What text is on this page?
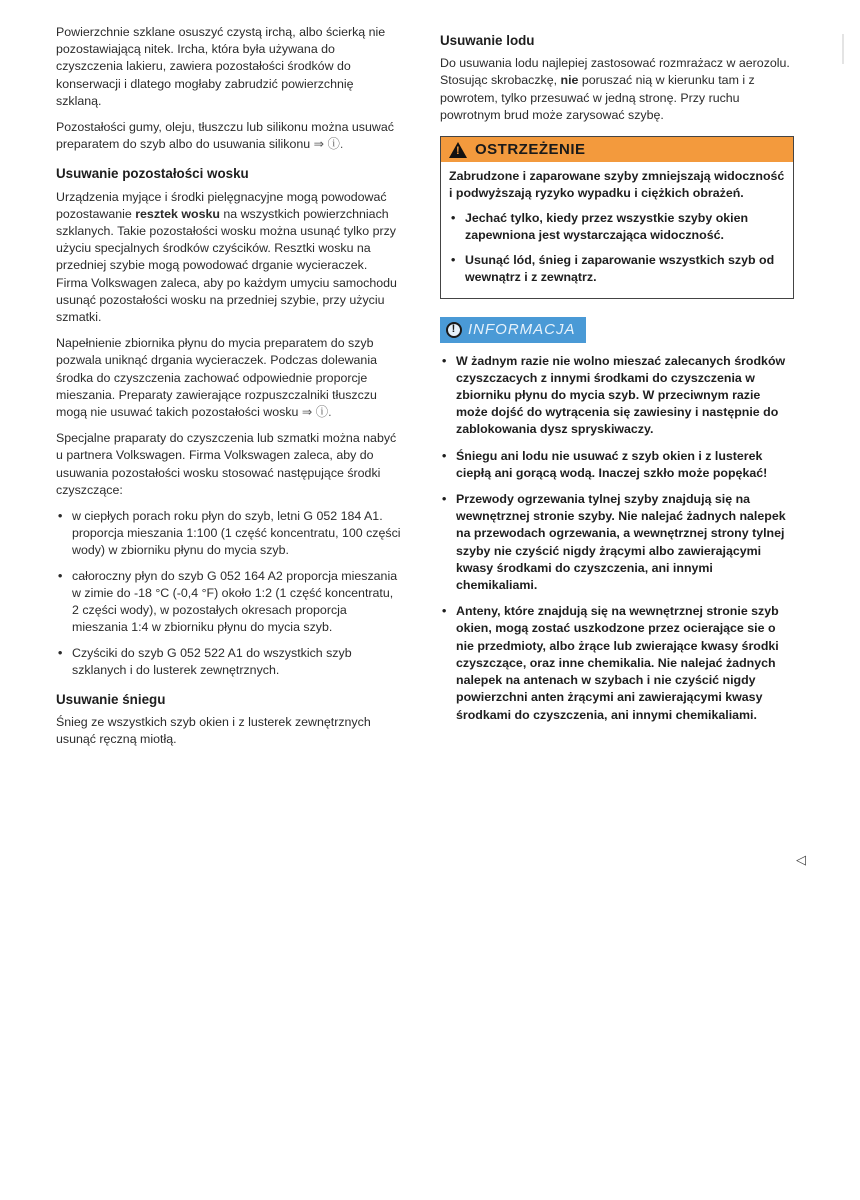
Powierzchnie szklane osuszyć czystą irchą, albo ścierką nie pozostawiającą nitek. Ircha, która była używana do czyszczenia lakieru, zawiera pozostałości środków do konserwacji i dlatego mogłaby zabrudzić powierzchnię szklaną.

Pozostałości gumy, oleju, tłuszczu lub silikonu można usuwać preparatem do szyb albo do usuwania silikonu ⇒ ⓘ.

Usuwanie pozostałości wosku

Urządzenia myjące i środki pielęgnacyjne mogą powodować pozostawanie resztek wosku na wszystkich powierzchniach szklanych. Takie pozostałości wosku można usunąć tylko przy użyciu specjalnych środków czyścików. Resztki wosku na przedniej szybie mogą powodować drganie wycieraczek. Firma Volkswagen zaleca, aby po każdym umyciu samochodu usunąć pozostałości wosku na przedniej szybie, przy użyciu szmatki.

Napełnienie zbiornika płynu do mycia preparatem do szyb pozwala uniknąć drgania wycieraczek. Podczas dolewania środka do czyszczenia zachować odpowiednie proporcje mieszania. Preparaty zawierające rozpuszczalniki tłuszczu mogą nie usuwać takich pozostałości wosku ⇒ ⓘ.

Specjalne praparaty do czyszczenia lub szmatki można nabyć u partnera Volkswagen. Firma Volkswagen zaleca, aby do usuwania pozostałości wosku stosować następujące środki czyszczące:

• w ciepłych porach roku płyn do szyb, letni G 052 184 A1. proporcja mieszania 1:100 (1 część koncentratu, 100 części wody) w zbiorniku płynu do mycia szyb.
• całoroczny płyn do szyb G 052 164 A2 proporcja mieszania w zimie do -18 °C (-0,4 °F) około 1:2 (1 część koncentratu, 2 części wody), w pozostałych okresach proporcja mieszania 1:4 w zbiorniku płynu do mycia szyb.
• Czyściki do szyb G 052 522 A1 do wszystkich szyb szklanych i do lusterek zewnętrznych.
Usuwanie śniegu

Śnieg ze wszystkich szyb okien i z lusterek zewnętrznych usunąć ręczną miotłą.

Usuwanie lodu

Do usuwania lodu najlepiej zastosować rozmrażacz w aerozolu. Stosując skrobaczkę, nie poruszać nią w kierunku tam i z powrotem, tylko przesuwać w jedną stronę. Przy ruchu powrotnym brud może zarysować szybę.

! OSTRZEŻENIE

Zabrudzone i zaparowane szyby zmniejszają widoczność i podwyższają ryzyko wypadku i ciężkich obrażeń.

• Jechać tylko, kiedy przez wszystkie szyby okien zapewniona jest wystarczająca widoczność.
• Usunąć lód, śnieg i zaparowanie wszystkich szyb od wewnątrz i z zewnątrz.
! INFORMACJA
• W żadnym razie nie wolno mieszać zalecanych środków czyszczacych z innymi środkami do czyszczenia w zbiorniku płynu do mycia szyb. W przeciwnym razie może dojść do wytrącenia się zawiesiny i następnie do zablokowania dysz spryskiwaczy.
• Śniegu ani lodu nie usuwać z szyb okien i z lusterek ciepłą ani gorącą wodą. Inaczej szkło może popękać!
• Przewody ogrzewania tylnej szyby znajdują się na wewnętrznej stronie szyby. Nie nalejać żadnych nalepek na przewodach ogrzewania, a wewnętrznej strony tylnej szyby nie czyścić nigdy żrącymi albo zawierającymi kwasy środkami do czyszczenia, ani innymi chemikaliami.
• Anteny, które znajdują się na wewnętrznej stronie szyb okien, mogą zostać uszkodzone przez ocierające sie o nie przedmioty, albo żrące lub zwierające kwasy środki czyszczące, oraz inne chemikalia. Nie nalejać żadnych nalepek na antenach w szybach i nie czyścić nigdy powierzchni anten żrącymi ani zawierającymi kwasy środkami do czyszczenia, ani innymi chemikaliami.
◁
